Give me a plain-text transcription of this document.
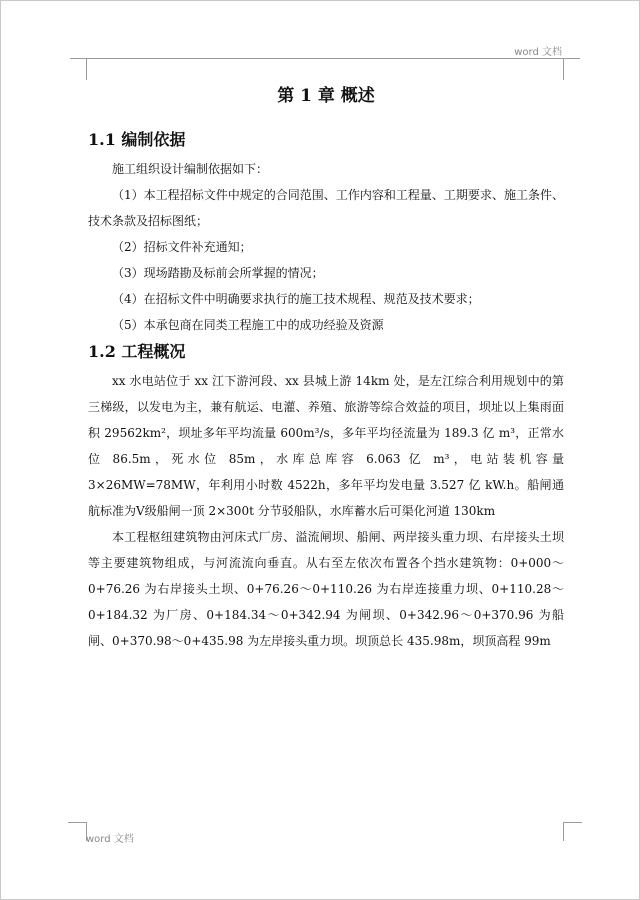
word 文档
第 1 章 概述
1.1 编制依据

施工组织设计编制依据如下：

（1）本工程招标文件中规定的合同范围、工作内容和工程量、工期要求、施工条件、技术条款及招标图纸；

（2）招标文件补充通知；

（3）现场踏勘及标前会所掌握的情况；

（4）在招标文件中明确要求执行的施工技术规程、规范及技术要求；

（5）本承包商在同类工程施工中的成功经验及资源

1.2 工程概况

xx 水电站位于 xx 江下游河段、xx 县城上游 14km 处，是左江综合利用规划中的第三梯级，以发电为主，兼有航运、电灌、养殖、旅游等综合效益的项目，坝址以上集雨面积 29562km²，坝址多年平均流量 600m³/s，多年平均径流量为 189.3 亿 m³，正常水位 86.5m，死水位 85m，水库总库容 6.063 亿 m³，电站装机容量 3×26MW=78MW，年利用小时数 4522h，多年平均发电量 3.527 亿 kW.h。船闸通航标准为Ⅴ级船闸一顶 2×300t 分节驳船队，水库蓄水后可渠化河道 130km

本工程枢纽建筑物由河床式厂房、溢流闸坝、船闸、两岸接头重力坝、右岸接头土坝等主要建筑物组成，与河流流向垂直。从右至左依次布置各个挡水建筑物：0+000～0+76.26 为右岸接头土坝、0+76.26～0+110.26 为右岸连接重力坝、0+110.28～0+184.32 为厂房、0+184.34～0+342.94 为闸坝、0+342.96～0+370.96 为船闸、0+370.98～0+435.98 为左岸接头重力坝。坝顶总长 435.98m，坝顶高程 99m

word 文档
